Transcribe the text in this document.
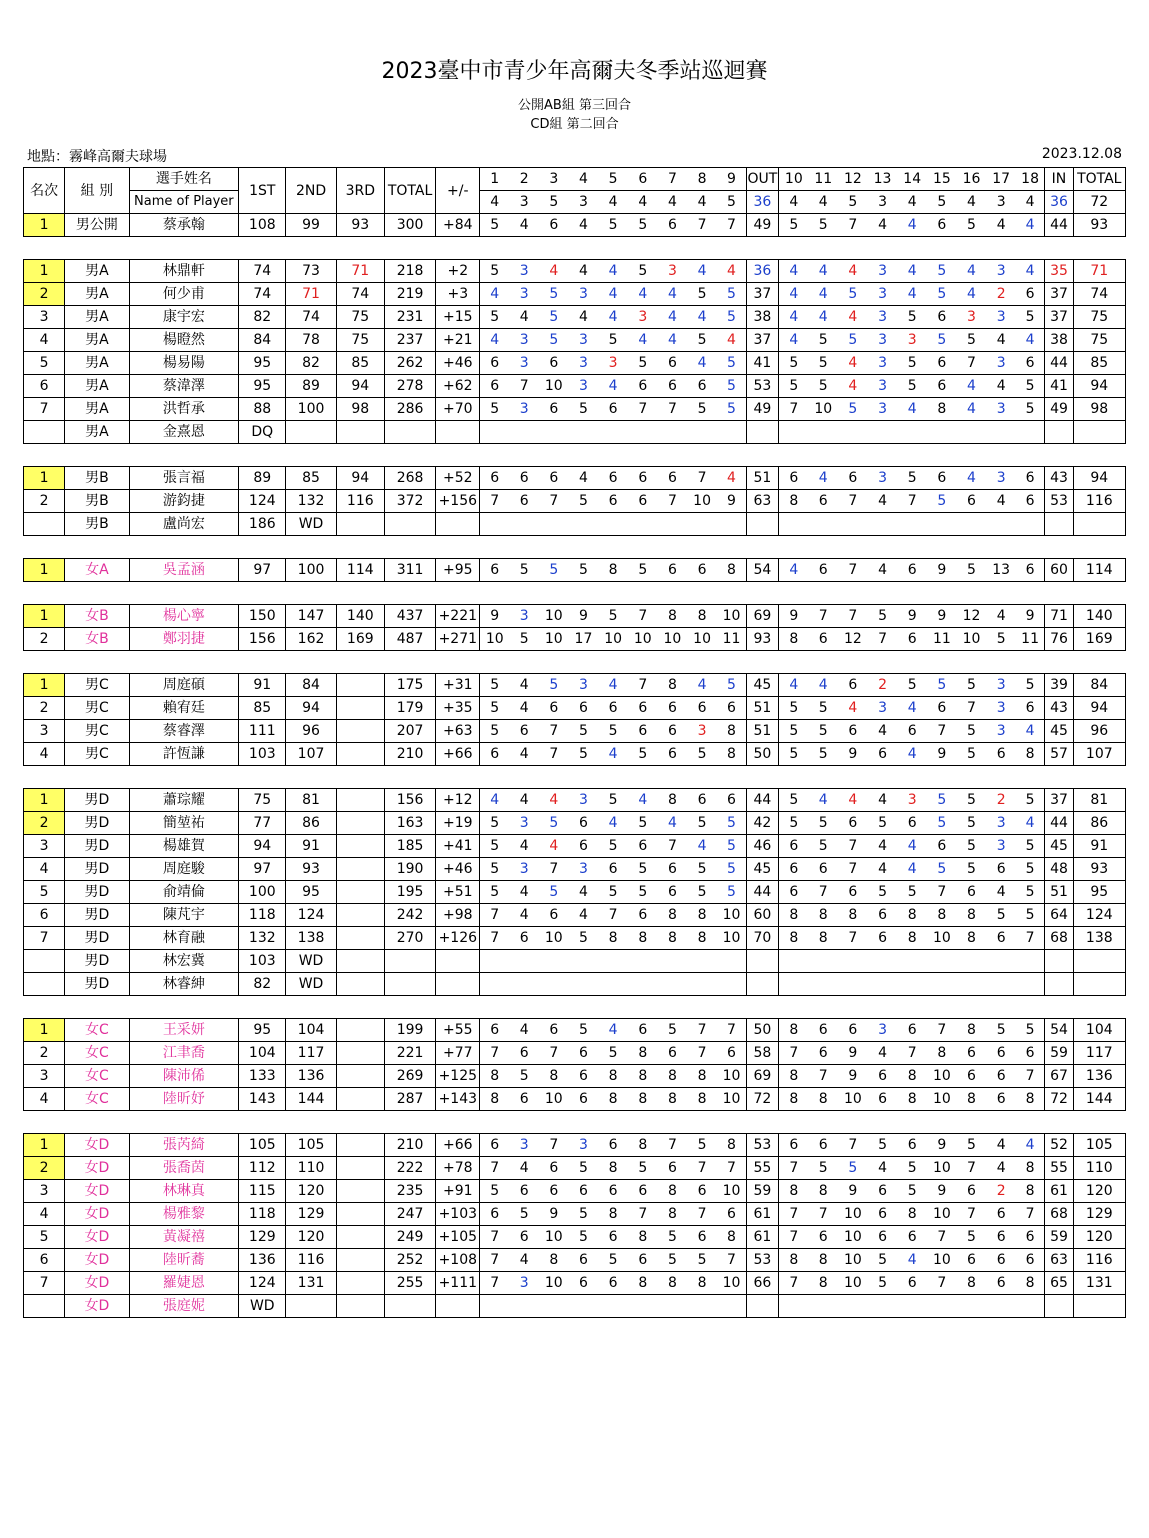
2023臺中市青少年高爾夫冬季站巡迴賽
公開AB組 第三回合
CD組 第二回合
地點：霧峰高爾夫球場	2023.12.08
名次	組 別	選手姓名	1ST	2ND	3RD	TOTAL	+/-	1	2	3	4	5	6	7	8	9	OUT	10	11	12	13	14	15	16	17	18	IN	TOTAL
		Name of Player						4	3	5	3	4	4	4	4	5	36	4	4	5	3	4	5	4	3	4	36	72
1	男公開	蔡承翰	108	99	93	300	+84	5	4	6	4	5	5	6	7	7	49	5	5	7	4	4	6	5	4	4	44	93

1	男A	林鼎軒	74	73	71	218	+2	5	3	4	4	4	5	3	4	4	36	4	4	4	3	4	5	4	3	4	35	71
2	男A	何少甫	74	71	74	219	+3	4	3	5	3	4	4	4	5	5	37	4	4	5	3	4	5	4	2	6	37	74
3	男A	康宇宏	82	74	75	231	+15	5	4	5	4	4	3	4	4	5	38	4	4	4	3	5	6	3	3	5	37	75
4	男A	楊瞪然	84	78	75	237	+21	4	3	5	3	5	4	4	5	4	37	4	5	5	3	3	5	5	4	4	38	75
5	男A	楊易陽	95	82	85	262	+46	6	3	6	3	3	5	6	4	5	41	5	5	4	3	5	6	7	3	6	44	85
6	男A	蔡湋澤	95	89	94	278	+62	6	7	10	3	4	6	6	6	5	53	5	5	4	3	5	6	4	4	5	41	94
7	男A	洪哲承	88	100	98	286	+70	5	3	6	5	6	7	7	5	5	49	7	10	5	3	4	8	4	3	5	49	98
	男A	金熹恩	DQ																									

1	男B	張言福	89	85	94	268	+52	6	6	6	4	6	6	6	7	4	51	6	4	6	3	5	6	4	3	6	43	94
2	男B	游鈞捷	124	132	116	372	+156	7	6	7	5	6	6	7	10	9	63	8	6	7	4	7	5	6	4	6	53	116
	男B	盧尚宏	186	WD																								

1	女A	吳孟涵	97	100	114	311	+95	6	5	5	5	8	5	6	6	8	54	4	6	7	4	6	9	5	13	6	60	114

1	女B	楊心寧	150	147	140	437	+221	9	3	10	9	5	7	8	8	10	69	9	7	7	5	9	9	12	4	9	71	140
2	女B	鄭羽捷	156	162	169	487	+271	10	5	10	17	10	10	10	10	11	93	8	6	12	7	6	11	10	5	11	76	169

1	男C	周庭碩	91	84		175	+31	5	4	5	3	4	7	8	4	5	45	4	4	6	2	5	5	5	3	5	39	84
2	男C	賴宥廷	85	94		179	+35	5	4	6	6	6	6	6	6	6	51	5	5	4	3	4	6	7	3	6	43	94
3	男C	蔡睿澤	111	96		207	+63	5	6	7	5	5	6	6	3	8	51	5	5	6	4	6	7	5	3	4	45	96
4	男C	許恆謙	103	107		210	+66	6	4	7	5	4	5	6	5	8	50	5	5	9	6	4	9	5	6	8	57	107

1	男D	蕭琮耀	75	81		156	+12	4	4	4	3	5	4	8	6	6	44	5	4	4	4	3	5	5	2	5	37	81
2	男D	簡堃祐	77	86		163	+19	5	3	5	6	4	5	4	5	5	42	5	5	6	5	6	5	5	3	4	44	86
3	男D	楊雄賀	94	91		185	+41	5	4	4	6	5	6	7	4	5	46	6	5	7	4	4	6	5	3	5	45	91
4	男D	周庭駿	97	93		190	+46	5	3	7	3	6	5	6	5	5	45	6	6	7	4	4	5	5	6	5	48	93
5	男D	俞靖倫	100	95		195	+51	5	4	5	4	5	5	6	5	5	44	6	7	6	5	5	7	6	4	5	51	95
6	男D	陳芃宇	118	124		242	+98	7	4	6	4	7	6	8	8	10	60	8	8	8	6	8	8	8	5	5	64	124
7	男D	林育融	132	138		270	+126	7	6	10	5	8	8	8	8	10	70	8	8	7	6	8	10	8	6	7	68	138
	男D	林宏冀	103	WD																								
	男D	林睿紳	82	WD																								

1	女C	王采妍	95	104		199	+55	6	4	6	5	4	6	5	7	7	50	8	6	6	3	6	7	8	5	5	54	104
2	女C	江聿喬	104	117		221	+77	7	6	7	6	5	8	6	7	6	58	7	6	9	4	7	8	6	6	6	59	117
3	女C	陳沛俙	133	136		269	+125	8	5	8	6	8	8	8	8	10	69	8	7	9	6	8	10	6	6	7	67	136
4	女C	陸昕妤	143	144		287	+143	8	6	10	6	8	8	8	8	10	72	8	8	10	6	8	10	8	6	8	72	144

1	女D	張芮綺	105	105		210	+66	6	3	7	3	6	8	7	5	8	53	6	6	7	5	6	9	5	4	4	52	105
2	女D	張喬茵	112	110		222	+78	7	4	6	5	8	5	6	7	7	55	7	5	5	4	5	10	7	4	8	55	110
3	女D	林琳真	115	120		235	+91	5	6	6	6	6	6	8	6	10	59	8	8	9	6	5	9	6	2	8	61	120
4	女D	楊雅黎	118	129		247	+103	6	5	9	5	8	7	8	7	6	61	7	7	10	6	8	10	7	6	7	68	129
5	女D	黃凝禧	129	120		249	+105	7	6	10	5	6	8	5	6	8	61	7	6	10	6	6	7	5	6	6	59	120
6	女D	陸昕蕎	136	116		252	+108	7	4	8	6	5	6	5	5	7	53	8	8	10	5	4	10	6	6	6	63	116
7	女D	羅婕恩	124	131		255	+111	7	3	10	6	6	8	8	8	10	66	7	8	10	5	6	7	8	6	8	65	131
	女D	張庭妮	WD																									
